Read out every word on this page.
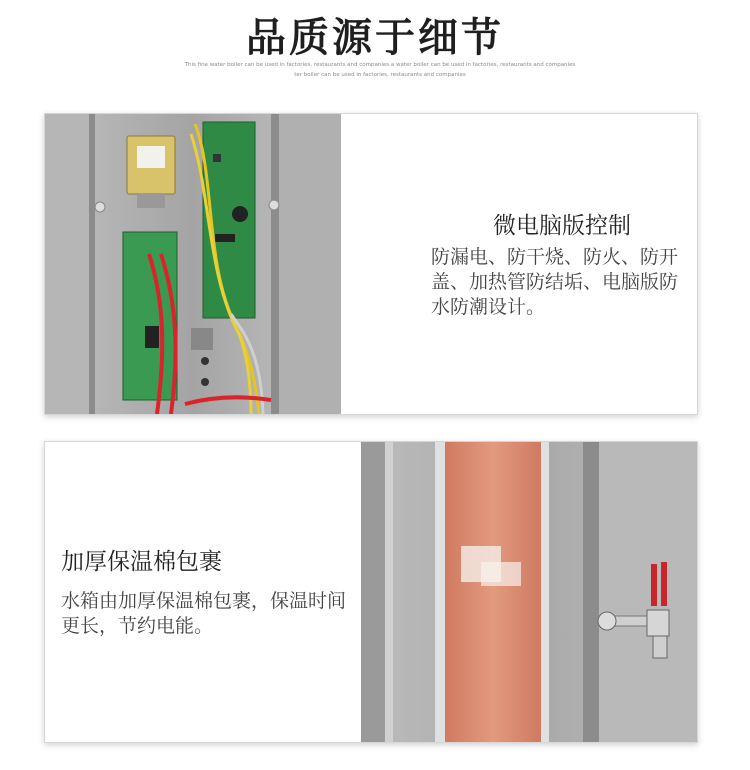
品质源于细节
This fine water boiler can be used in factories, restaurants and companies a water boiler can be used in factories, restaurants and companies
ter boiler can be used in factories, restaurants and companies
微电脑版控制
防漏电、防干烧、防火、防开盖、加热管防结垢、电脑版防水防潮设计。
加厚保温棉包裹
水箱由加厚保温棉包裹，保温时间更长，节约电能。
